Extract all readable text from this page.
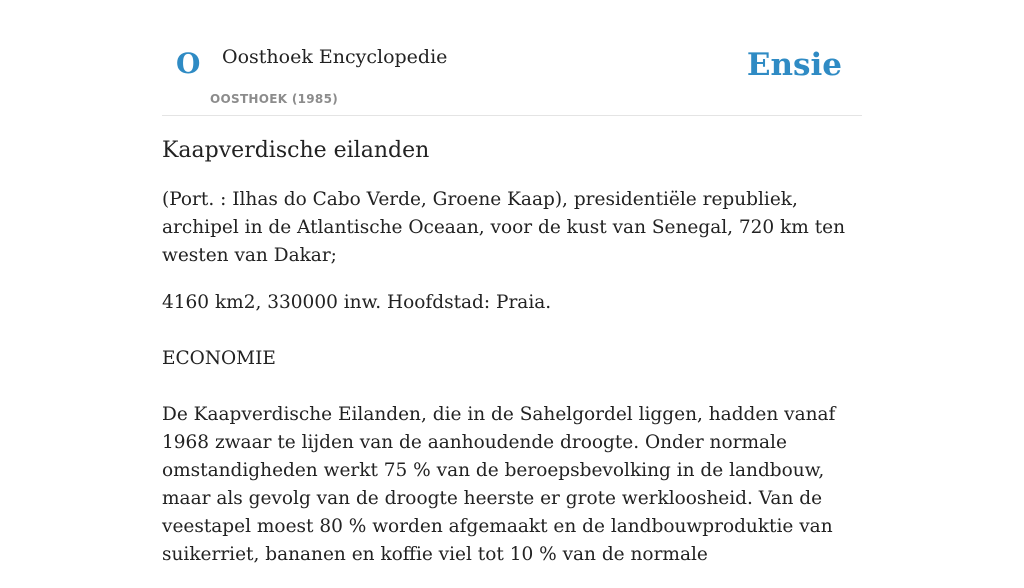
O Oosthoek Encyclopedie
OOSTHOEK (1985)
Ensie
Kaapverdische eilanden

(Port. : Ilhas do Cabo Verde, Groene Kaap), presidentiële republiek, archipel in de Atlantische Oceaan, voor de kust van Senegal, 720 km ten westen van Dakar;

4160 km2, 330000 inw. Hoofdstad: Praia.

ECONOMIE

De Kaapverdische Eilanden, die in de Sahelgordel liggen, hadden vanaf 1968 zwaar te lijden van de aanhoudende droogte. Onder normale omstandigheden werkt 75 % van de beroepsbevolking in de landbouw, maar als gevolg van de droogte heerste er grote werkloosheid. Van de veestapel moest 80 % worden afgemaakt en de landbouwproduktie van suikerriet, bananen en koffie viel tot 10 % van de normale
